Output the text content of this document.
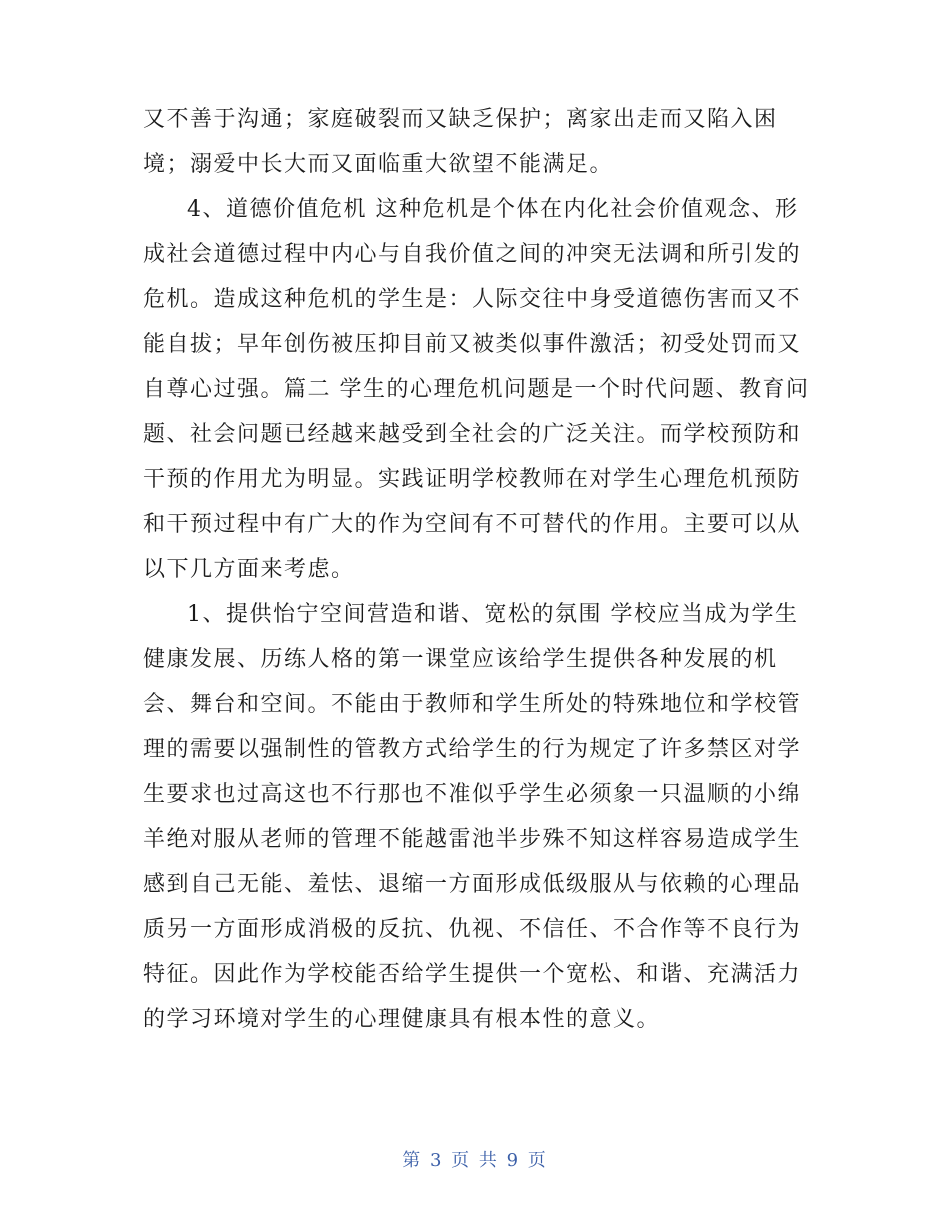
又不善于沟通；家庭破裂而又缺乏保护；离家出走而又陷入困
境；溺爱中长大而又面临重大欲望不能满足。
4、道德价值危机 这种危机是个体在内化社会价值观念、形
成社会道德过程中内心与自我价值之间的冲突无法调和所引发的
危机。造成这种危机的学生是：人际交往中身受道德伤害而又不
能自拔；早年创伤被压抑目前又被类似事件激活；初受处罚而又
自尊心过强。篇二 学生的心理危机问题是一个时代问题、教育问
题、社会问题已经越来越受到全社会的广泛关注。而学校预防和
干预的作用尤为明显。实践证明学校教师在对学生心理危机预防
和干预过程中有广大的作为空间有不可替代的作用。主要可以从
以下几方面来考虑。
1、提供怡宁空间营造和谐、宽松的氛围 学校应当成为学生
健康发展、历练人格的第一课堂应该给学生提供各种发展的机
会、舞台和空间。不能由于教师和学生所处的特殊地位和学校管
理的需要以强制性的管教方式给学生的行为规定了许多禁区对学
生要求也过高这也不行那也不准似乎学生必须象一只温顺的小绵
羊绝对服从老师的管理不能越雷池半步殊不知这样容易造成学生
感到自己无能、羞怯、退缩一方面形成低级服从与依赖的心理品
质另一方面形成消极的反抗、仇视、不信任、不合作等不良行为
特征。因此作为学校能否给学生提供一个宽松、和谐、充满活力
的学习环境对学生的心理健康具有根本性的意义。
第 3 页 共 9 页
